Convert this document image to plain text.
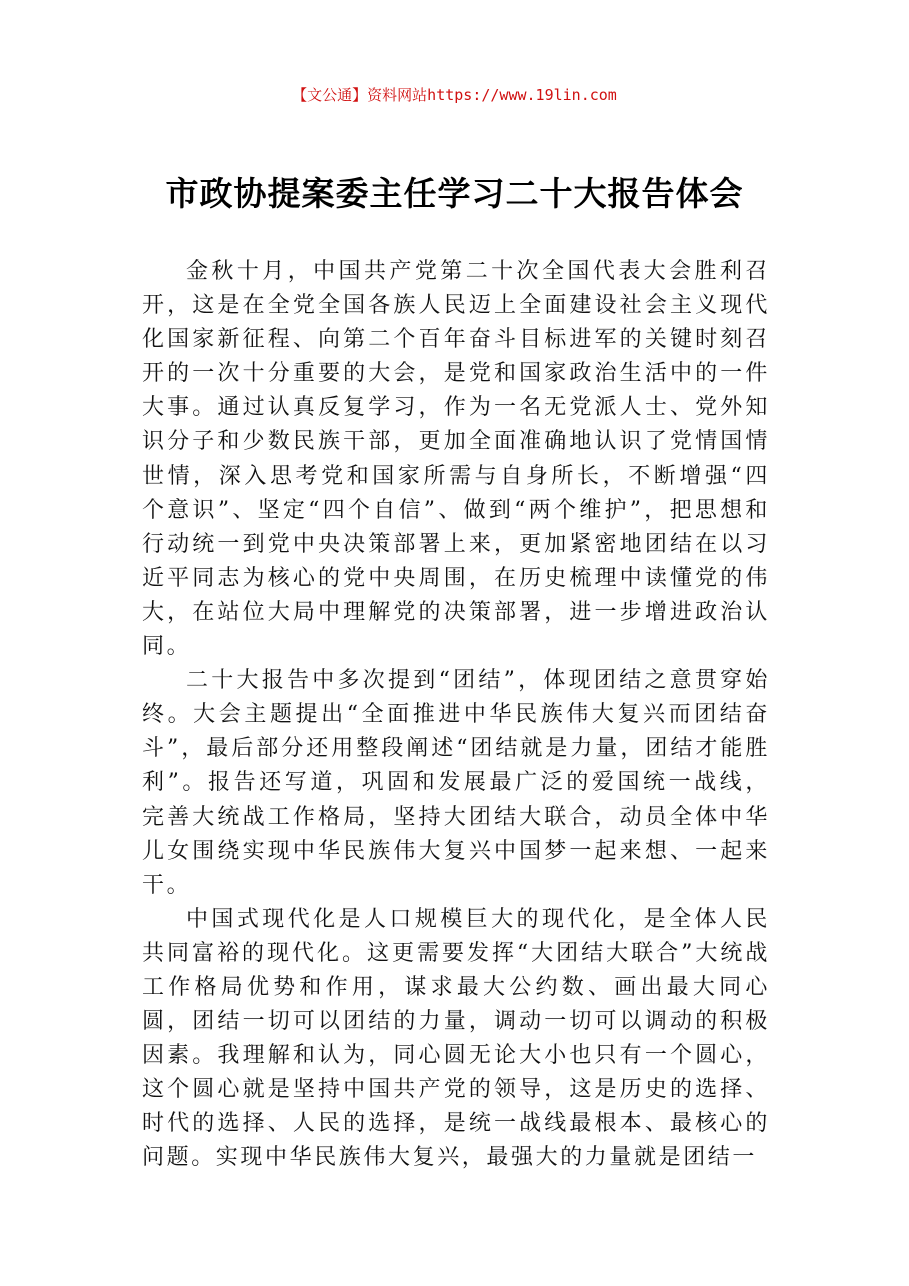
【文公通】资料网站https://www.19lin.com
市政协提案委主任学习二十大报告体会

金秋十月，中国共产党第二十次全国代表大会胜利召开，这是在全党全国各族人民迈上全面建设社会主义现代化国家新征程、向第二个百年奋斗目标进军的关键时刻召开的一次十分重要的大会，是党和国家政治生活中的一件大事。通过认真反复学习，作为一名无党派人士、党外知识分子和少数民族干部，更加全面准确地认识了党情国情世情，深入思考党和国家所需与自身所长，不断增强“四个意识”、坚定“四个自信”、做到“两个维护”，把思想和行动统一到党中央决策部署上来，更加紧密地团结在以习近平同志为核心的党中央周围，在历史梳理中读懂党的伟大，在站位大局中理解党的决策部署，进一步增进政治认同。

二十大报告中多次提到“团结”，体现团结之意贯穿始终。大会主题提出“全面推进中华民族伟大复兴而团结奋斗”，最后部分还用整段阐述“团结就是力量，团结才能胜利”。报告还写道，巩固和发展最广泛的爱国统一战线，完善大统战工作格局，坚持大团结大联合，动员全体中华儿女围绕实现中华民族伟大复兴中国梦一起来想、一起来干。

中国式现代化是人口规模巨大的现代化，是全体人民共同富裕的现代化。这更需要发挥“大团结大联合”大统战工作格局优势和作用，谋求最大公约数、画出最大同心圆，团结一切可以团结的力量，调动一切可以调动的积极因素。我理解和认为，同心圆无论大小也只有一个圆心，这个圆心就是坚持中国共产党的领导，这是历史的选择、时代的选择、人民的选择，是统一战线最根本、最核心的问题。实现中华民族伟大复兴，最强大的力量就是团结一
